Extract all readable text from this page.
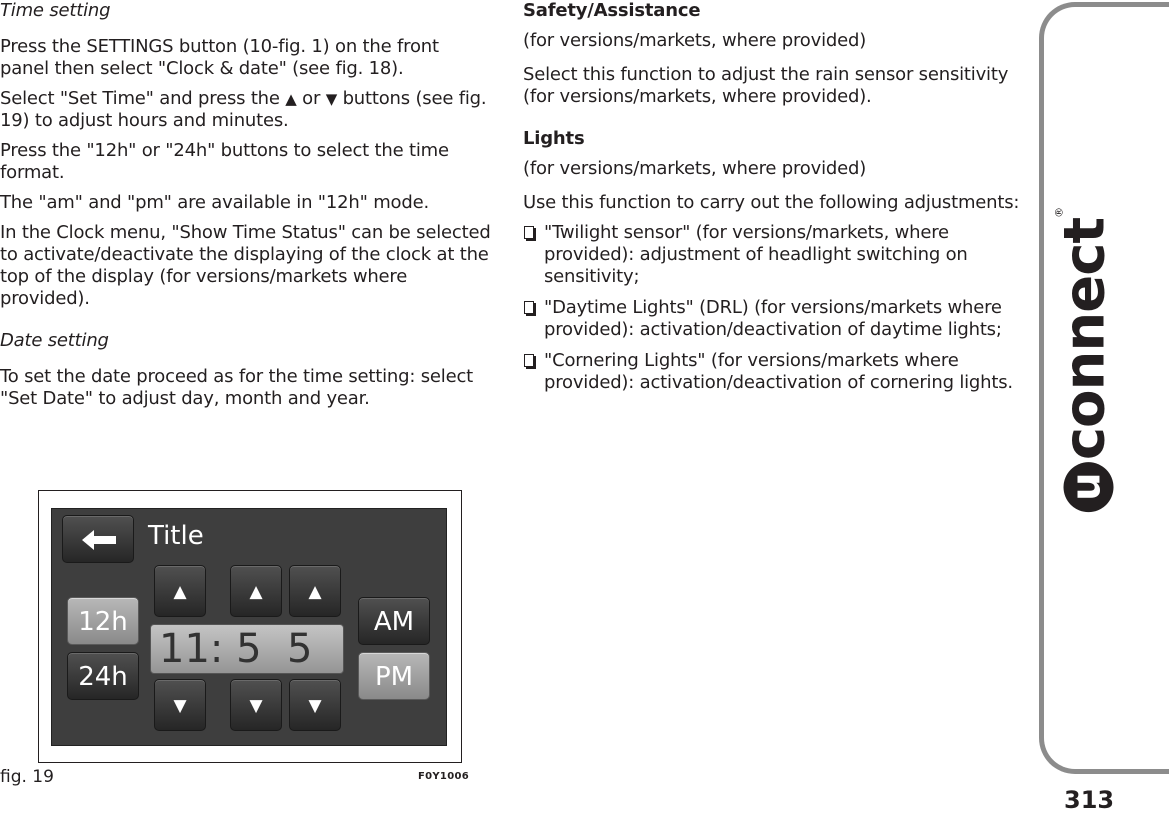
Time setting

Press the SETTINGS button (10-fig. 1) on the front panel then select "Clock & date" (see fig. 18).

Select "Set Time" and press the ▲ or ▼ buttons (see fig. 19) to adjust hours and minutes.

Press the "12h" or "24h" buttons to select the time format.

The "am" and "pm" are available in "12h" mode.

In the Clock menu, "Show Time Status" can be selected to activate/deactivate the displaying of the clock at the top of the display (for versions/markets where provided).

Date setting

To set the date proceed as for the time setting: select "Set Date" to adjust day, month and year.

Safety/Assistance

(for versions/markets, where provided)

Select this function to adjust the rain sensor sensitivity (for versions/markets, where provided).

Lights

(for versions/markets, where provided)

Use this function to carry out the following adjustments:

"Twilight sensor" (for versions/markets, where provided): adjustment of headlight switching on sensitivity;
"Daytime Lights" (DRL) (for versions/markets where provided): activation/deactivation of daytime lights;
"Cornering Lights" (for versions/markets where provided): activation/deactivation of cornering lights.
Title
▲	▲	▲
12h
24h
11: 5  5
AM
PM
▼	▼	▼
fig. 19	F0Y1006
uconnect®
313
